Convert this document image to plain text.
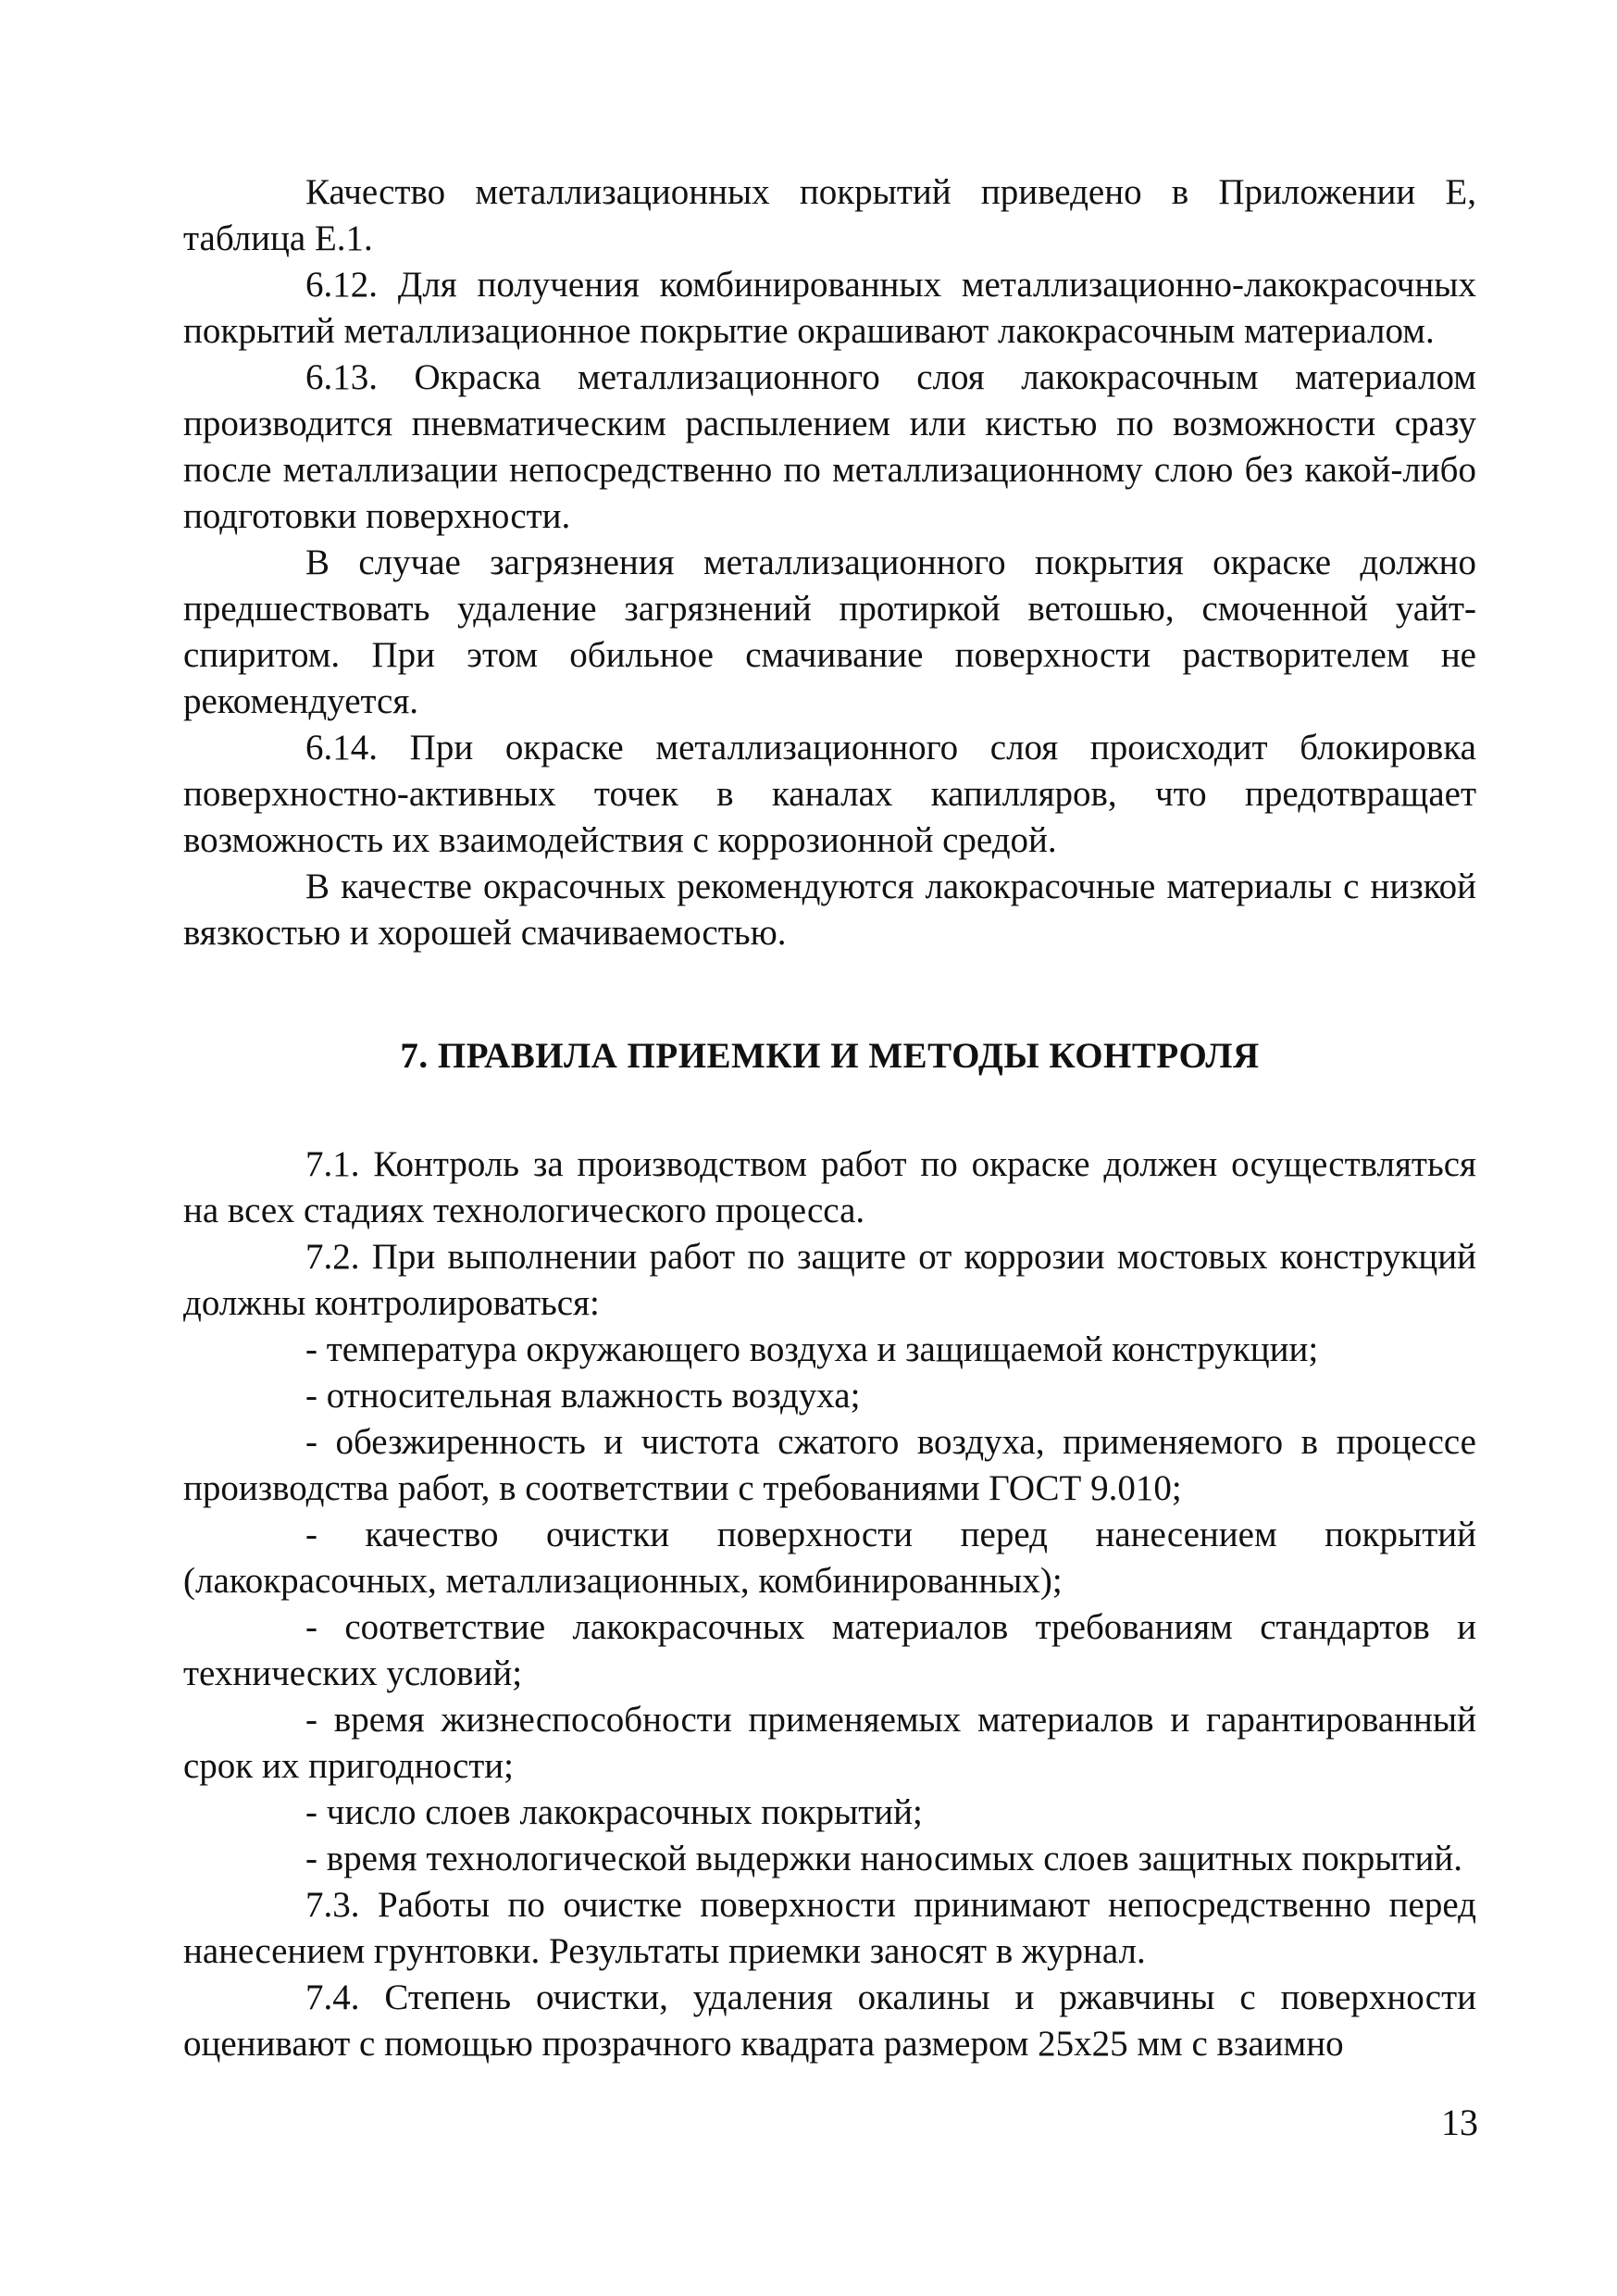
Качество металлизационных покрытий приведено в Приложении Е, таблица Е.1.

6.12. Для получения комбинированных металлизационно-лакокрасочных покрытий металлизационное покрытие окрашивают лакокрасочным материалом.

6.13. Окраска металлизационного слоя лакокрасочным материалом производится пневматическим распылением или кистью по возможности сразу после металлизации непосредственно по металлизационному слою без какой-либо подготовки поверхности.

В случае загрязнения металлизационного покрытия окраске должно предшествовать удаление загрязнений протиркой ветошью, смоченной уайт-спиритом. При этом обильное смачивание поверхности растворителем не рекомендуется.

6.14. При окраске металлизационного слоя происходит блокировка поверхностно-активных точек в каналах капилляров, что предотвращает возможность их взаимодействия с коррозионной средой.

В качестве окрасочных рекомендуются лакокрасочные материалы с низкой вязкостью и хорошей смачиваемостью.

7. ПРАВИЛА ПРИЕМКИ И МЕТОДЫ КОНТРОЛЯ

7.1. Контроль за производством работ по окраске должен осуществляться на всех стадиях технологического процесса.

7.2. При выполнении работ по защите от коррозии мостовых конструкций должны контролироваться:

- температура окружающего воздуха и защищаемой конструкции;

- относительная влажность воздуха;

- обезжиренность и чистота сжатого воздуха, применяемого в процессе производства работ, в соответствии с требованиями ГОСТ 9.010;

- качество очистки поверхности перед нанесением покрытий (лакокрасочных, металлизационных, комбинированных);

- соответствие лакокрасочных материалов требованиям стандартов и технических условий;

- время жизнеспособности применяемых материалов и гарантированный срок их пригодности;

- число слоев лакокрасочных покрытий;

- время технологической выдержки наносимых слоев защитных покрытий.

7.3. Работы по очистке поверхности принимают непосредственно перед нанесением грунтовки. Результаты приемки заносят в журнал.

7.4. Степень очистки, удаления окалины и ржавчины с поверхности оценивают с помощью прозрачного квадрата размером 25х25 мм с взаимно

13
